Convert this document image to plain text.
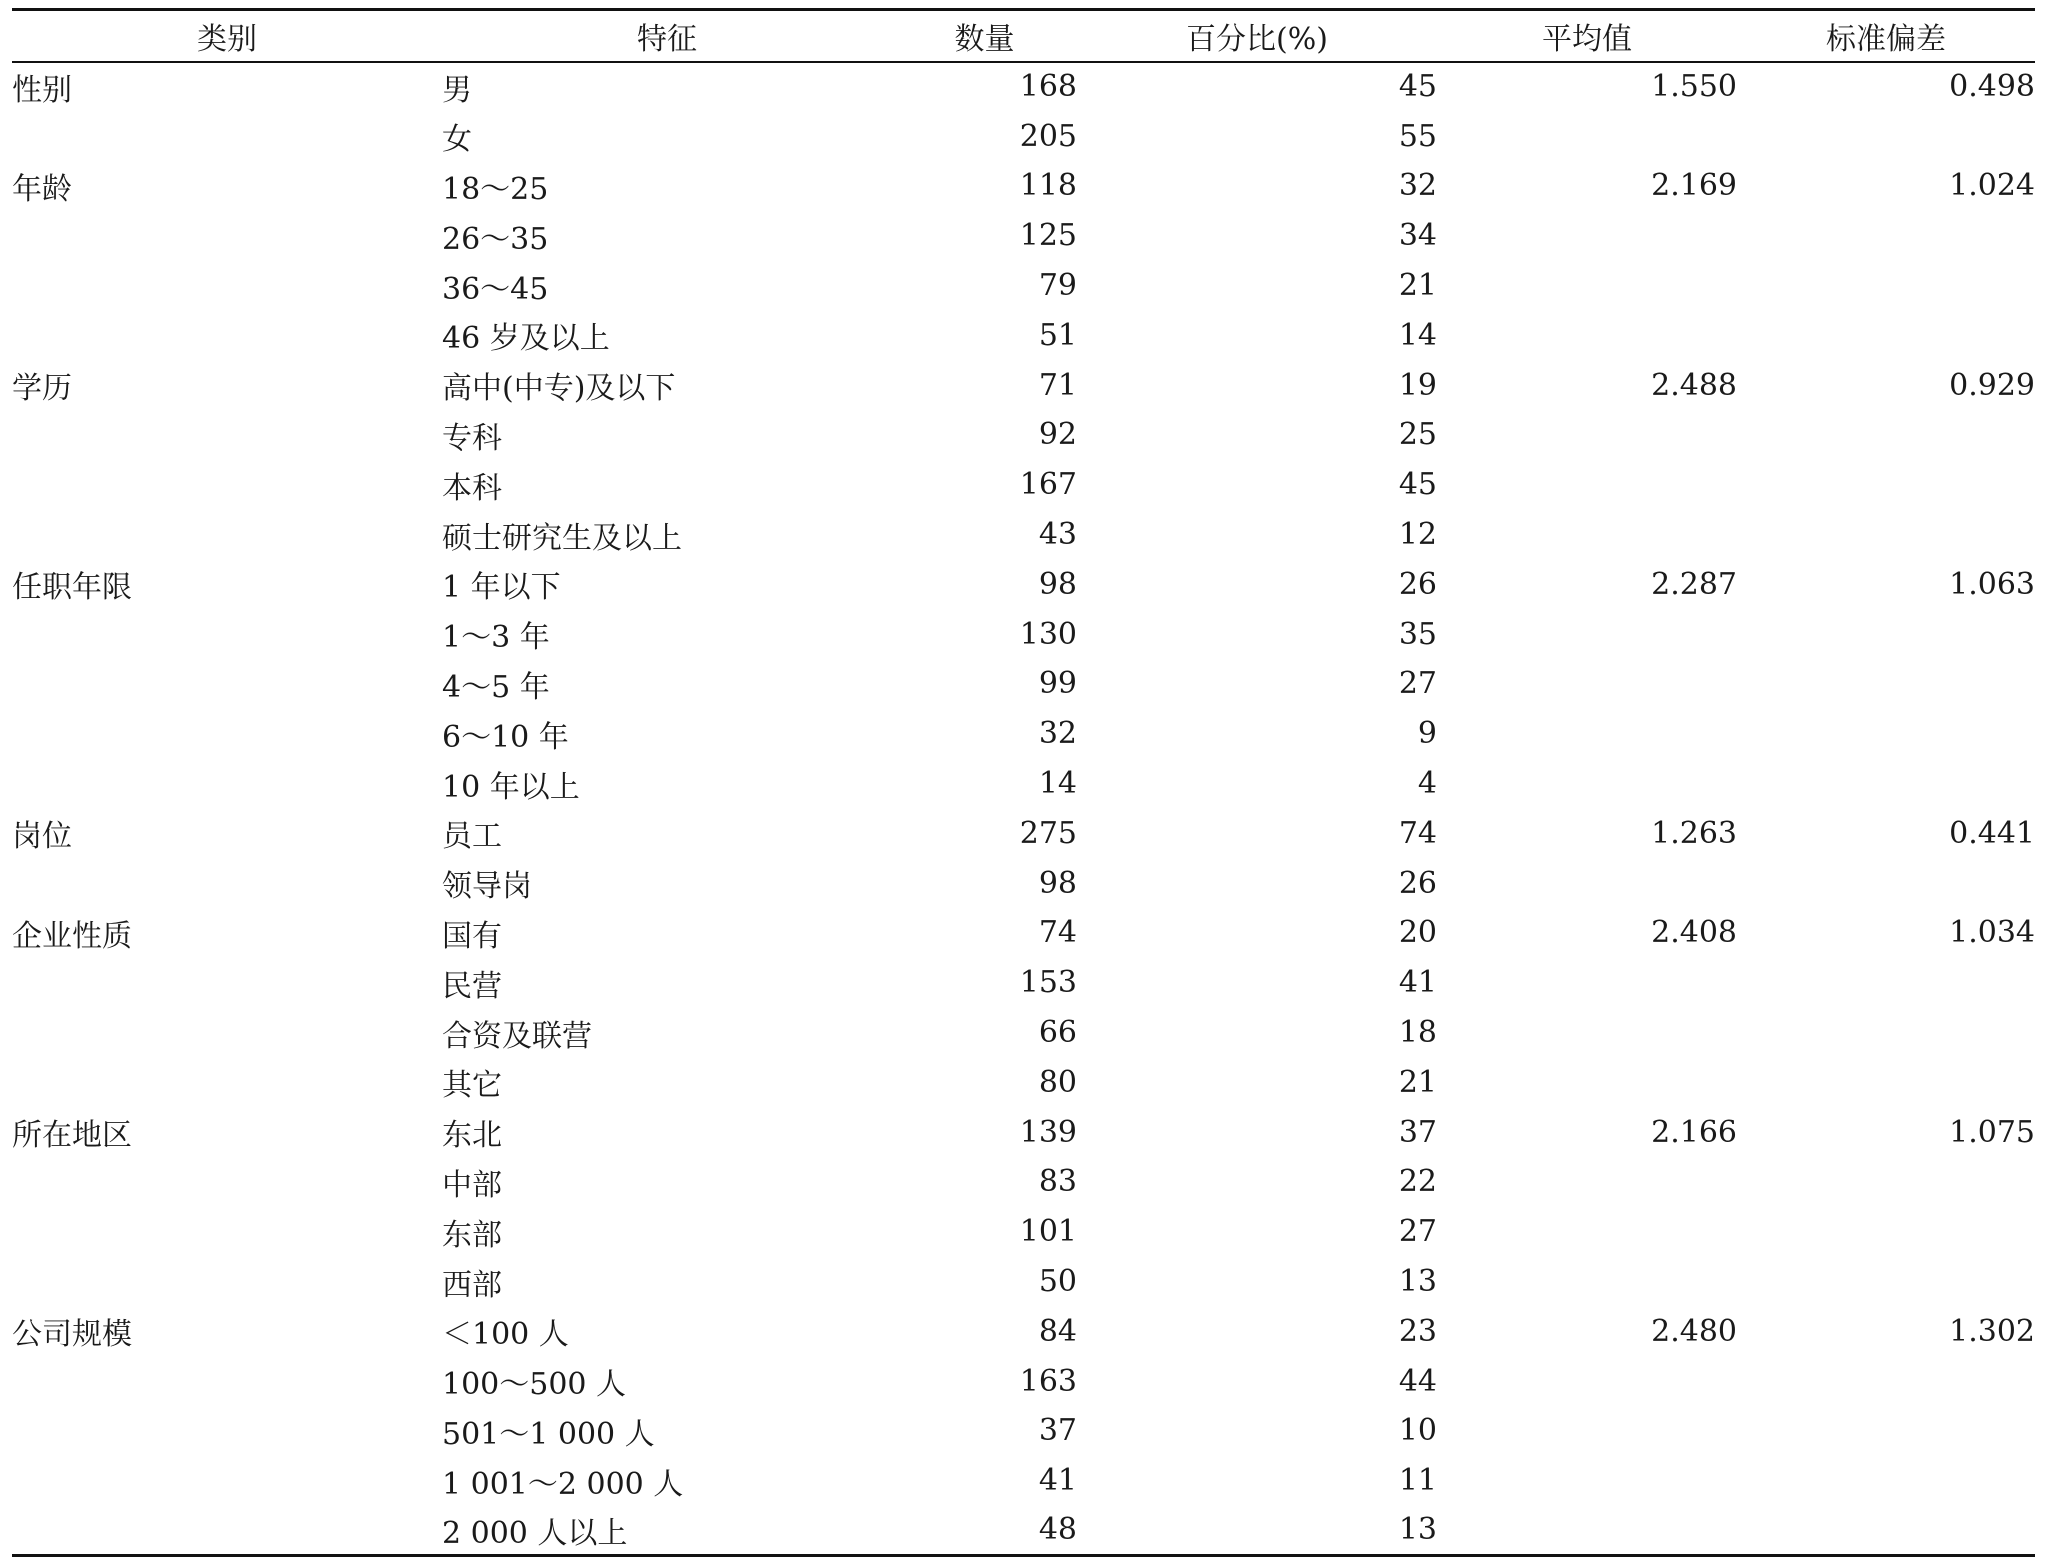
类别	特征	数量	百分比(%)	平均值	标准偏差
性别	男	168	45	1.550	0.498
	女	205	55		
年龄	18～25	118	32	2.169	1.024
	26～35	125	34		
	36～45	79	21		
	46 岁及以上	51	14		
学历	高中(中专)及以下	71	19	2.488	0.929
	专科	92	25		
	本科	167	45		
	硕士研究生及以上	43	12		
任职年限	1 年以下	98	26	2.287	1.063
	1～3 年	130	35		
	4～5 年	99	27		
	6～10 年	32	9		
	10 年以上	14	4		
岗位	员工	275	74	1.263	0.441
	领导岗	98	26		
企业性质	国有	74	20	2.408	1.034
	民营	153	41		
	合资及联营	66	18		
	其它	80	21		
所在地区	东北	139	37	2.166	1.075
	中部	83	22		
	东部	101	27		
	西部	50	13		
公司规模	＜100 人	84	23	2.480	1.302
	100～500 人	163	44		
	501～1 000 人	37	10		
	1 001～2 000 人	41	11		
	2 000 人以上	48	13		
